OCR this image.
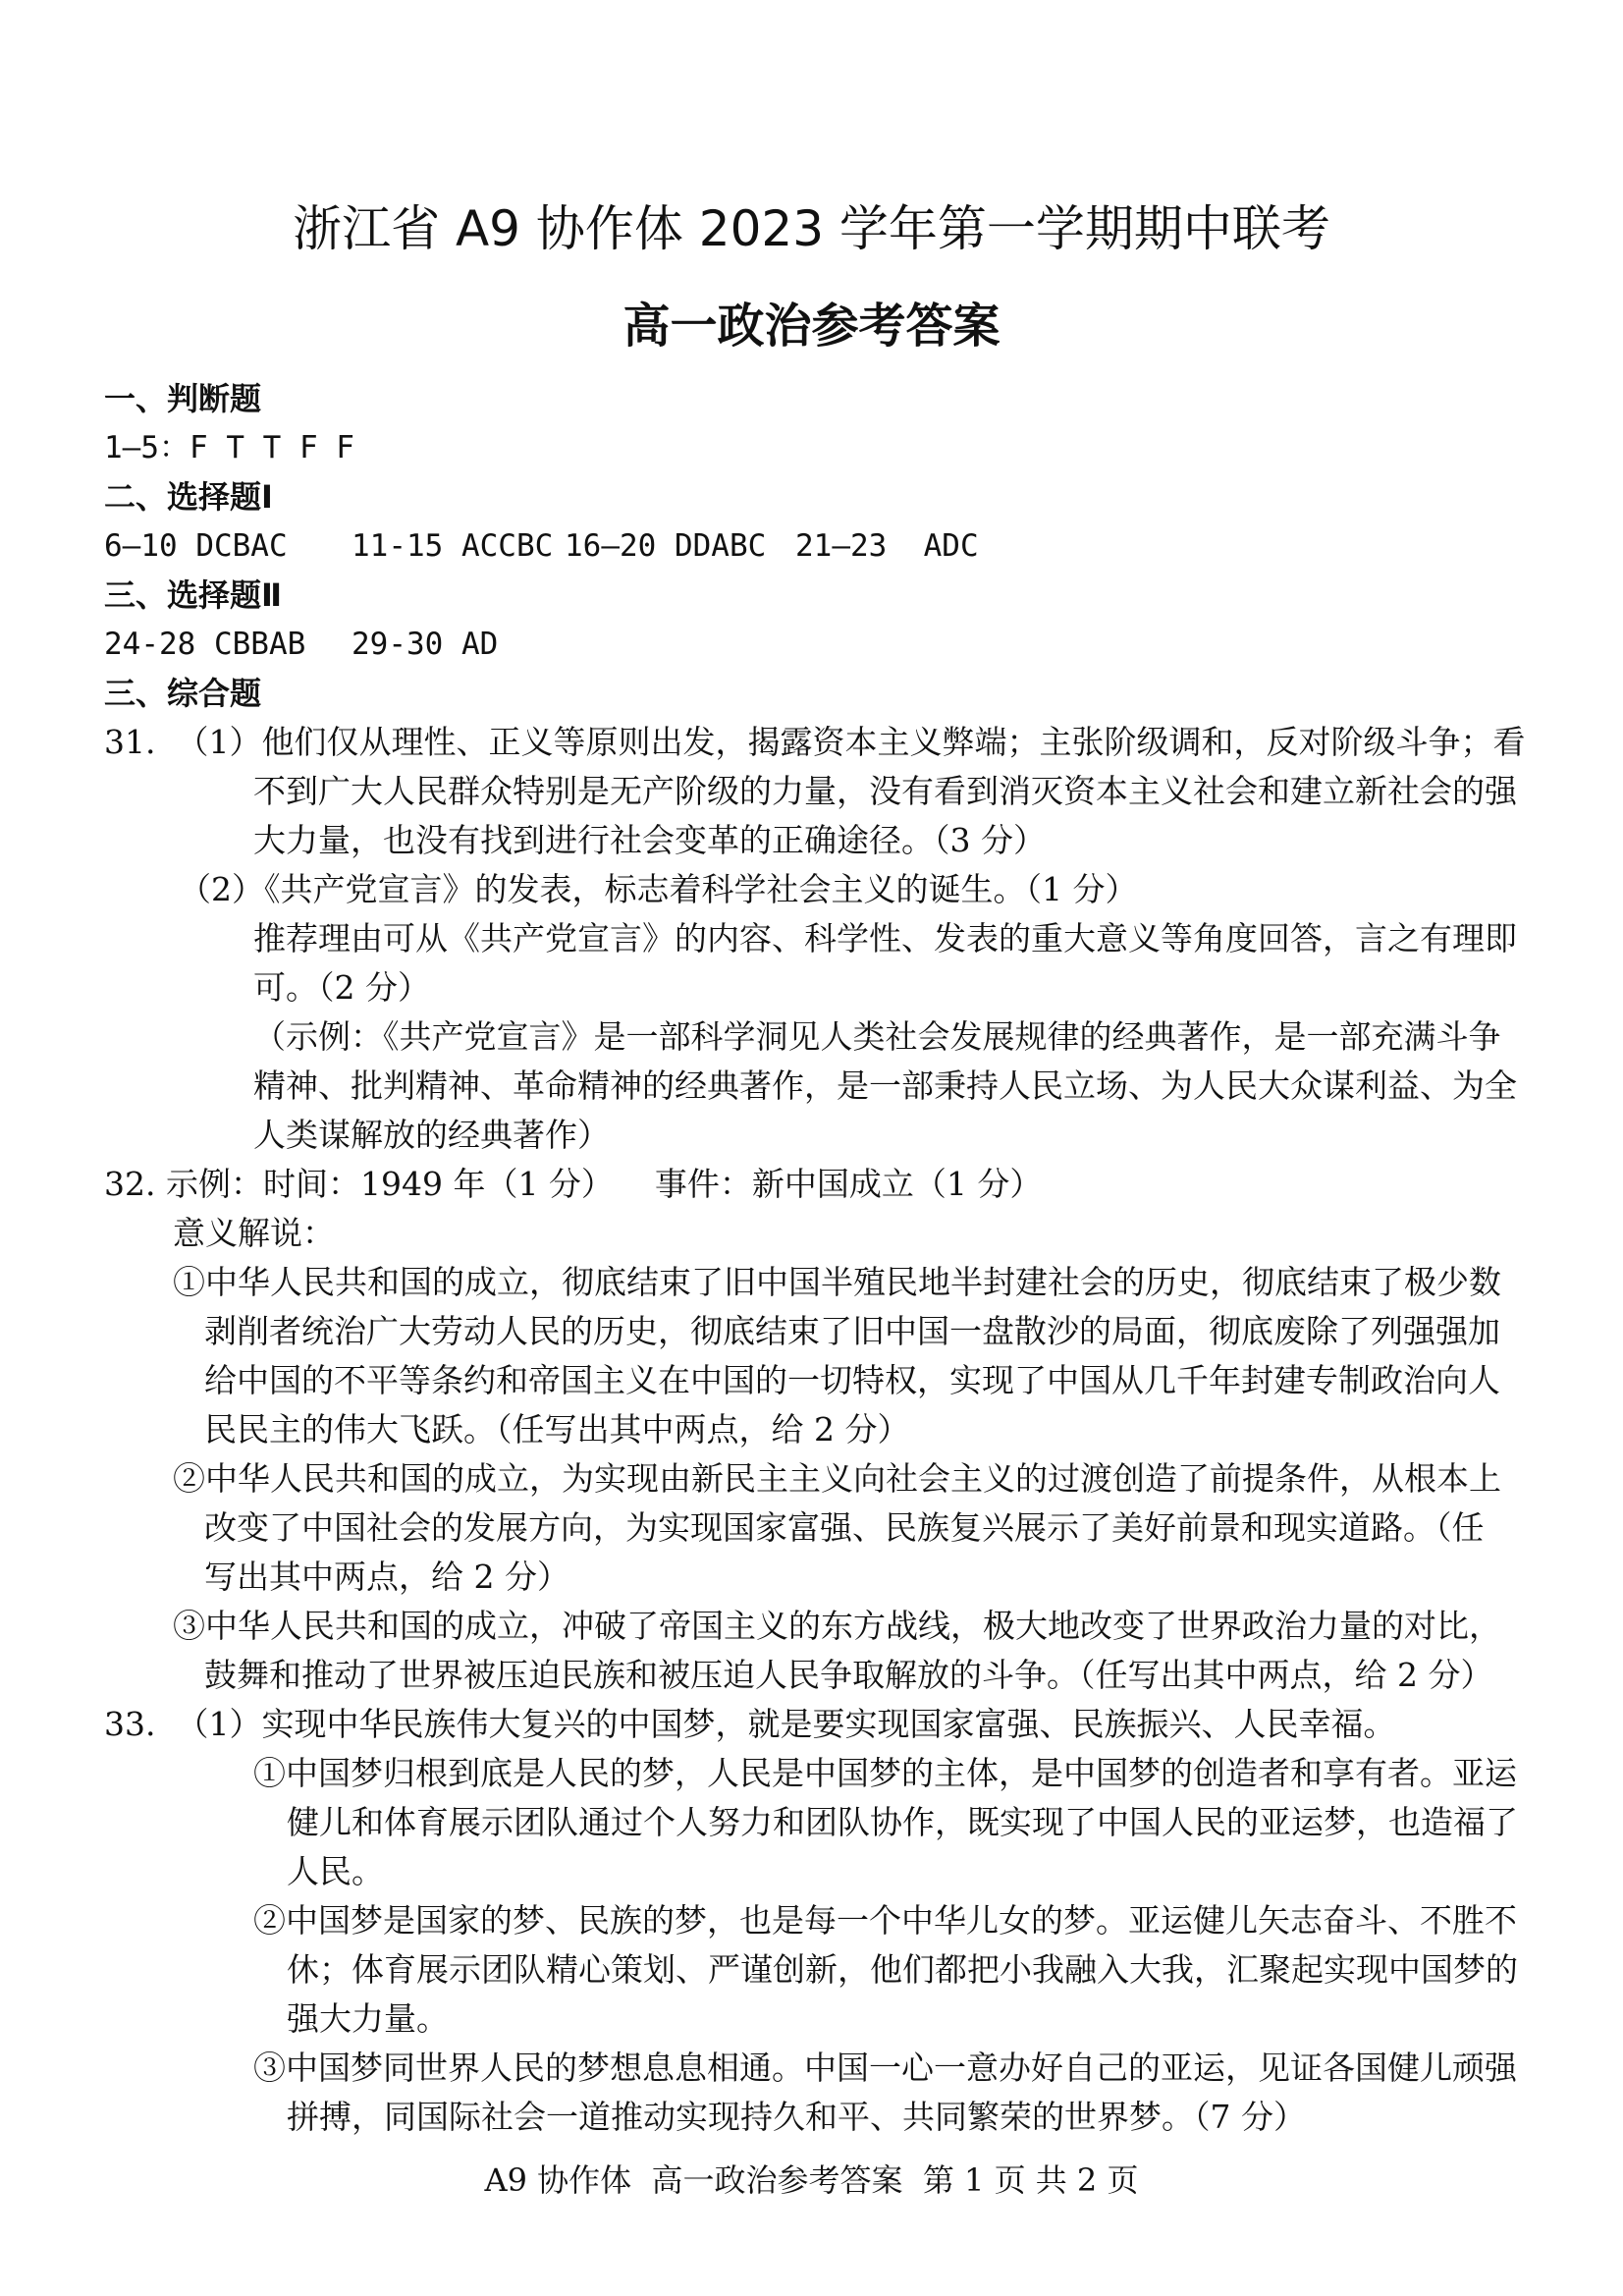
浙江省 A9 协作体 2023 学年第一学期期中联考
高一政治参考答案
一、判断题
1—5：F T T F F
二、选择题Ⅰ
6—10 DCBAC 11-15 ACCBC 16—20 DDABC 21—23  ADC
三、选择题Ⅱ
24-28 CBBAB 29-30 AD
三、综合题
31.  （1）他们仅从理性、正义等原则出发，揭露资本主义弊端；主张阶级调和，反对阶级斗争；看
不到广大人民群众特别是无产阶级的力量，没有看到消灭资本主义社会和建立新社会的强
大力量，也没有找到进行社会变革的正确途径。（3 分）
（2）《共产党宣言》的发表，标志着科学社会主义的诞生。（1 分）
推荐理由可从《共产党宣言》的内容、科学性、发表的重大意义等角度回答，言之有理即
可。（2 分）
（示例：《共产党宣言》是一部科学洞见人类社会发展规律的经典著作，是一部充满斗争
精神、批判精神、革命精神的经典著作，是一部秉持人民立场、为人民大众谋利益、为全
人类谋解放的经典著作）
32. 示例：时间：1949 年（1 分）    事件：新中国成立（1 分）
意义解说：
①中华人民共和国的成立，彻底结束了旧中国半殖民地半封建社会的历史，彻底结束了极少数
剥削者统治广大劳动人民的历史，彻底结束了旧中国一盘散沙的局面，彻底废除了列强强加
给中国的不平等条约和帝国主义在中国的一切特权，实现了中国从几千年封建专制政治向人
民民主的伟大飞跃。（任写出其中两点，给 2 分）
②中华人民共和国的成立，为实现由新民主主义向社会主义的过渡创造了前提条件，从根本上
改变了中国社会的发展方向，为实现国家富强、民族复兴展示了美好前景和现实道路。（任
写出其中两点，给 2 分）
③中华人民共和国的成立，冲破了帝国主义的东方战线，极大地改变了世界政治力量的对比，
鼓舞和推动了世界被压迫民族和被压迫人民争取解放的斗争。（任写出其中两点，给 2 分）
33.  （1）实现中华民族伟大复兴的中国梦，就是要实现国家富强、民族振兴、人民幸福。
①中国梦归根到底是人民的梦，人民是中国梦的主体，是中国梦的创造者和享有者。亚运
健儿和体育展示团队通过个人努力和团队协作，既实现了中国人民的亚运梦，也造福了
人民。
②中国梦是国家的梦、民族的梦，也是每一个中华儿女的梦。亚运健儿矢志奋斗、不胜不
休；体育展示团队精心策划、严谨创新，他们都把小我融入大我，汇聚起实现中国梦的
强大力量。
③中国梦同世界人民的梦想息息相通。中国一心一意办好自己的亚运，见证各国健儿顽强
拼搏，同国际社会一道推动实现持久和平、共同繁荣的世界梦。（7 分）
A9 协作体  高一政治参考答案  第 1 页 共 2 页
